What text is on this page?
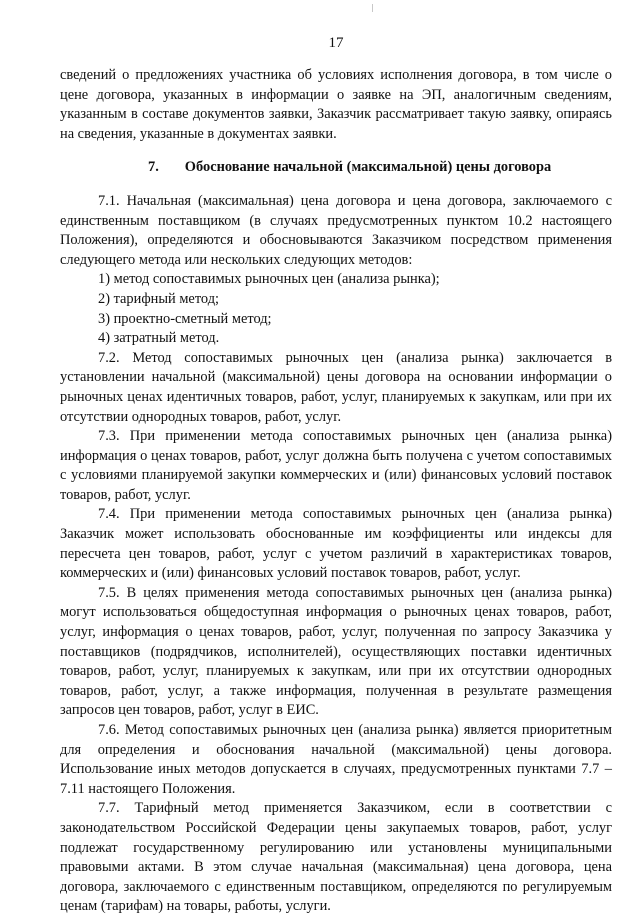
17

сведений о предложениях участника об условиях исполнения договора, в том числе о цене договора, указанных в информации о заявке на ЭП, аналогичным сведениям, указанным в составе документов заявки, Заказчик рассматривает такую заявку, опираясь на сведения, указанные в документах заявки.

7. Обоснование начальной (максимальной) цены договора

7.1. Начальная (максимальная) цена договора и цена договора, заключаемого с единственным поставщиком (в случаях предусмотренных пунктом 10.2 настоящего Положения), определяются и обосновываются Заказчиком посредством применения следующего метода или нескольких следующих методов:

1) метод сопоставимых рыночных цен (анализа рынка);

2) тарифный метод;

3) проектно-сметный метод;

4) затратный метод.

7.2. Метод сопоставимых рыночных цен (анализа рынка) заключается в установлении начальной (максимальной) цены договора на основании информации о рыночных ценах идентичных товаров, работ, услуг, планируемых к закупкам, или при их отсутствии однородных товаров, работ, услуг.

7.3. При применении метода сопоставимых рыночных цен (анализа рынка) информация о ценах товаров, работ, услуг должна быть получена с учетом сопоставимых с условиями планируемой закупки коммерческих и (или) финансовых условий поставок товаров, работ, услуг.

7.4. При применении метода сопоставимых рыночных цен (анализа рынка) Заказчик может использовать обоснованные им коэффициенты или индексы для пересчета цен товаров, работ, услуг с учетом различий в характеристиках товаров, коммерческих и (или) финансовых условий поставок товаров, работ, услуг.

7.5. В целях применения метода сопоставимых рыночных цен (анализа рынка) могут использоваться общедоступная информация о рыночных ценах товаров, работ, услуг, информация о ценах товаров, работ, услуг, полученная по запросу Заказчика у поставщиков (подрядчиков, исполнителей), осуществляющих поставки идентичных товаров, работ, услуг, планируемых к закупкам, или при их отсутствии однородных товаров, работ, услуг, а также информация, полученная в результате размещения запросов цен товаров, работ, услуг в ЕИС.

7.6. Метод сопоставимых рыночных цен (анализа рынка) является приоритетным для определения и обоснования начальной (максимальной) цены договора. Использование иных методов допускается в случаях, предусмотренных пунктами 7.7 – 7.11 настоящего Положения.

7.7. Тарифный метод применяется Заказчиком, если в соответствии с законодательством Российской Федерации цены закупаемых товаров, работ, услуг подлежат государственному регулированию или установлены муниципальными правовыми актами. В этом случае начальная (максимальная) цена договора, цена договора, заключаемого с единственным поставщиком, определяются по регулируемым ценам (тарифам) на товары, работы, услуги.
